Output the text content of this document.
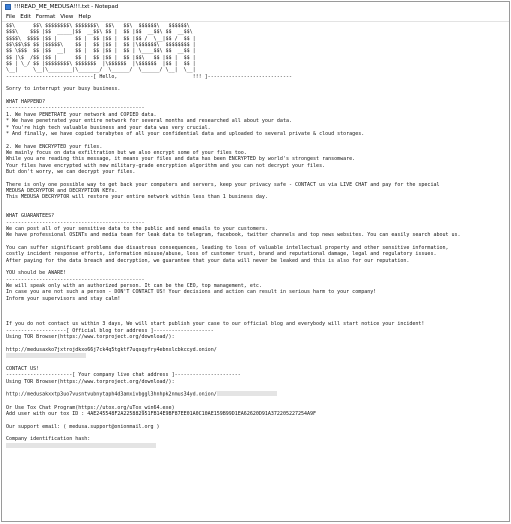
!!!READ_ME_MEDUSA!!!.txt - Notepad
File Edit Format View Help
$$\      $$\ $$$$$$$$\ $$$$$$$\  $$\   $$\  $$$$$$\   $$$$$$\
$$$\    $$$ |$$  _____|$$  __$$\ $$ |  $$ |$$  __$$\ $$  __$$\
$$$$\  $$$$ |$$ |      $$ |  $$ |$$ |  $$ |$$ /  \__|$$ /  $$ |
$$\$$\$$ $$ |$$$$$\    $$ |  $$ |$$ |  $$ |\$$$$$$\  $$$$$$$$ |
$$ \$$$  $$ |$$  __|   $$ |  $$ |$$ |  $$ | \____$$\ $$  __$$ |
$$ |\$  /$$ |$$ |      $$ |  $$ |$$ |  $$ |$$\   $$ |$$ |  $$ |
$$ | \_/ $$ |$$$$$$$$\ $$$$$$$  |\$$$$$$  |\$$$$$$  |$$ |  $$ |
\__|     \__|\________|\_______/  \______/  \______/ \__|  \__|
-----------------------------[ Hello,                         !!! ]----------------------------

Sorry to interrupt your busy business.

WHAT HAPPEND?
----------------------------------------------
1. We have PENETRATE your network and COPIED data.
* We have penetrated your entire network for several months and researched all about your data.
* You're high tech valuable business and your data was very crucial.
* And finally, we have copied terabytes of all your confidential data and uploaded to several private & cloud storages.

2. We have ENCRYPTED your files.
We mainly focus on data exfiltration but we also encrypt some of your files too.
While you are reading this message, it means your files and data has been ENCRYPTED by world's strongest ransomware.
Your files have encrypted with new military-grade encryption algorithm and you can not decrypt your files.
But don't worry, we can decrypt your files.

There is only one possible way to get back your computers and servers, keep your privacy safe - CONTACT us via LIVE CHAT and pay for the special
MEDUSA DECRYPTOR and DECRYPTION KEYs.
This MEDUSA DECRYPTOR will restore your entire network within less than 1 business day.

WHAT GUARANTEES?
----------------------------------------------
We can post all of your sensitive data to the public and send emails to your customers.
We have professional OSINTs and media team for leak data to telegram, facebook, twitter channels and top news websites. You can easily search about us.

You can suffer significant problems due disastrous consequences, leading to loss of valuable intellectual property and other sensitive information,
costly incident response efforts, information misuse/abuse, loss of customer trust, brand and reputational damage, legal and regulatory issues.
After paying for the data breach and decryption, we guarantee that your data will never be leaked and this is also for our reputation.

YOU should be AWARE!
----------------------------------------------
We will speak only with an authorized person. It can be the CEO, top management, etc.
In case you are not such a person - DON'T CONTACT US! Your decisions and action can result in serious harm to your company!
Inform your supervisors and stay calm!

If you do not contact us within 3 days, We will start publish your case to our official blog and everybody will start notice your incident!
--------------------[ Official blog tor address ]--------------------
Using TOR Browser(https://www.torproject.org/download/):

http://medusaxko7jxtrojdkxo66j7ck4q5tgktf7uqsqyfry4ebnxlcbkccyd.onion/

CONTACT US!
----------------------[ Your company live chat address ]----------------------
Using TOR Browser(https://www.torproject.org/download/):

http://medusakxxtp3uo7vusntvubnytaph4d3amxivbggl3hnhpk2nmus34yd.onion/

Or Use Tox Chat Program(https://utox.org/uTox_win64.exe)
Add user with our tox ID : 4AE245548F2A225882951FB14E9BF87EE01A0C10AE159B99D1EA62620D91A372205227254A9F

Our support email: ( medusa.support@onionmail.org )

Company identification hash:
